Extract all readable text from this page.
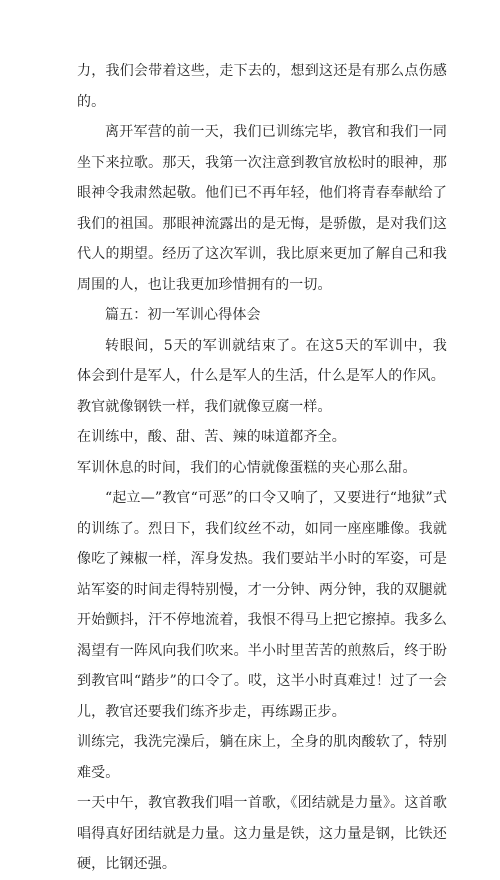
力，我们会带着这些，走下去的，想到这还是有那么点伤感的。

离开军营的前一天，我们已训练完毕，教官和我们一同坐下来拉歌。那天，我第一次注意到教官放松时的眼神，那眼神令我肃然起敬。他们已不再年轻，他们将青春奉献给了我们的祖国。那眼神流露出的是无悔，是骄傲，是对我们这代人的期望。经历了这次军训，我比原来更加了解自己和我周围的人，也让我更加珍惜拥有的一切。

篇五：初一军训心得体会

转眼间，5天的军训就结束了。在这5天的军训中，我体会到什是军人，什么是军人的生活，什么是军人的作风。

教官就像钢铁一样，我们就像豆腐一样。

在训练中，酸、甜、苦、辣的味道都齐全。

军训休息的时间，我们的心情就像蛋糕的夹心那么甜。

“起立—”教官“可恶”的口令又响了，又要进行“地狱”式的训练了。烈日下，我们纹丝不动，如同一座座雕像。我就像吃了辣椒一样，浑身发热。我们要站半小时的军姿，可是站军姿的时间走得特别慢，才一分钟、两分钟，我的双腿就开始颤抖，汗不停地流着，我恨不得马上把它擦掉。我多么渴望有一阵风向我们吹来。半小时里苦苦的煎熬后，终于盼到教官叫“踏步”的口令了。哎，这半小时真难过！过了一会儿，教官还要我们练齐步走，再练踢正步。

训练完，我洗完澡后，躺在床上，全身的肌肉酸软了，特别难受。

一天中午，教官教我们唱一首歌，《团结就是力量》。这首歌唱得真好团结就是力量。这力量是铁，这力量是钢，比铁还硬，比钢还强。
